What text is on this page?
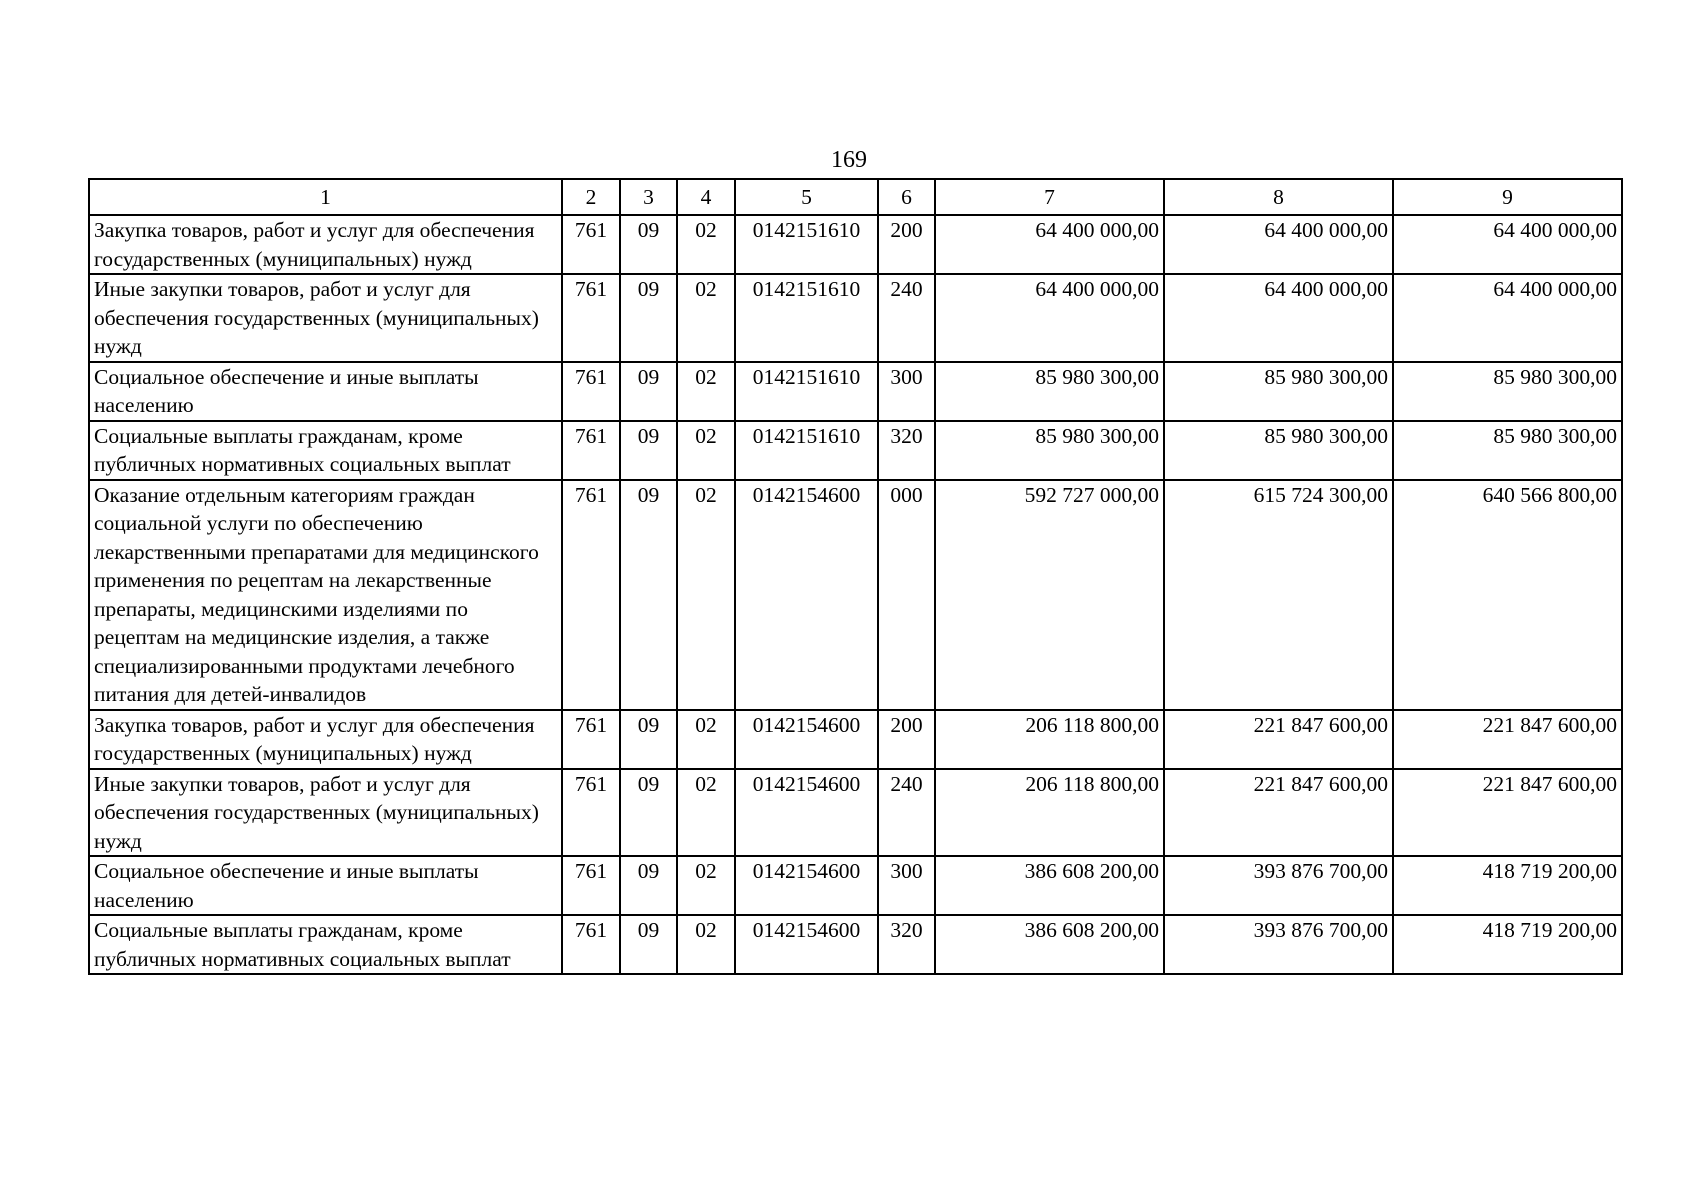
169
1	2	3	4	5	6	7	8	9
Закупка товаров, работ и услуг для обеспечения государственных (муниципальных) нужд	761	09	02	0142151610	200	64 400 000,00	64 400 000,00	64 400 000,00
Иные закупки товаров, работ и услуг для обеспечения государственных (муниципальных) нужд	761	09	02	0142151610	240	64 400 000,00	64 400 000,00	64 400 000,00
Социальное обеспечение и иные выплаты населению	761	09	02	0142151610	300	85 980 300,00	85 980 300,00	85 980 300,00
Социальные выплаты гражданам, кроме публичных нормативных социальных выплат	761	09	02	0142151610	320	85 980 300,00	85 980 300,00	85 980 300,00
Оказание отдельным категориям граждан социальной услуги по обеспечению лекарственными препаратами для медицинского применения по рецептам на лекарственные препараты, медицинскими изделиями по рецептам на медицинские изделия, а также специализированными продуктами лечебного питания для детей-инвалидов	761	09	02	0142154600	000	592 727 000,00	615 724 300,00	640 566 800,00
Закупка товаров, работ и услуг для обеспечения государственных (муниципальных) нужд	761	09	02	0142154600	200	206 118 800,00	221 847 600,00	221 847 600,00
Иные закупки товаров, работ и услуг для обеспечения государственных (муниципальных) нужд	761	09	02	0142154600	240	206 118 800,00	221 847 600,00	221 847 600,00
Социальное обеспечение и иные выплаты населению	761	09	02	0142154600	300	386 608 200,00	393 876 700,00	418 719 200,00
Социальные выплаты гражданам, кроме публичных нормативных социальных выплат	761	09	02	0142154600	320	386 608 200,00	393 876 700,00	418 719 200,00
